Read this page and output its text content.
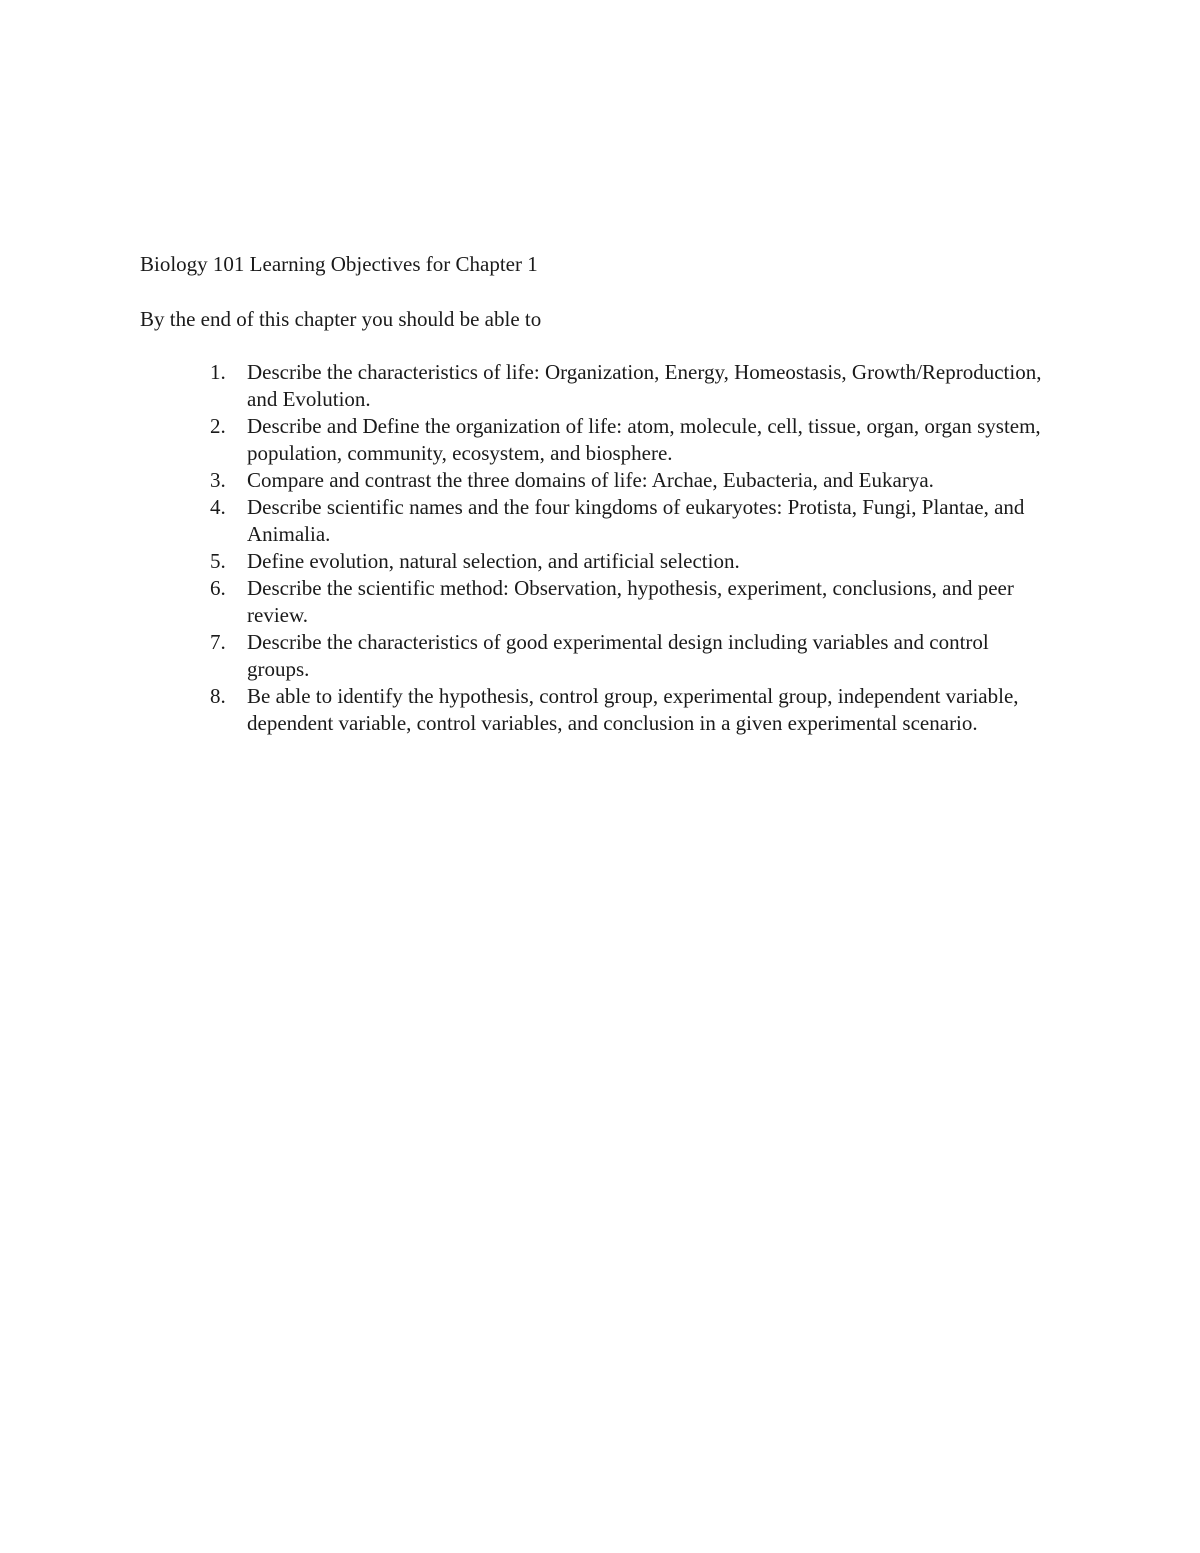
Biology 101 Learning Objectives for Chapter 1
By the end of this chapter you should be able to
1. Describe the characteristics of life: Organization, Energy, Homeostasis, Growth/Reproduction, and Evolution.
2. Describe and Define the organization of life: atom, molecule, cell, tissue, organ, organ system, population, community, ecosystem, and biosphere.
3. Compare and contrast the three domains of life: Archae, Eubacteria, and Eukarya.
4. Describe scientific names and the four kingdoms of eukaryotes: Protista, Fungi, Plantae, and Animalia.
5. Define evolution, natural selection, and artificial selection.
6. Describe the scientific method: Observation, hypothesis, experiment, conclusions, and peer review.
7. Describe the characteristics of good experimental design including variables and control groups.
8. Be able to identify the hypothesis, control group, experimental group, independent variable, dependent variable, control variables, and conclusion in a given experimental scenario.
